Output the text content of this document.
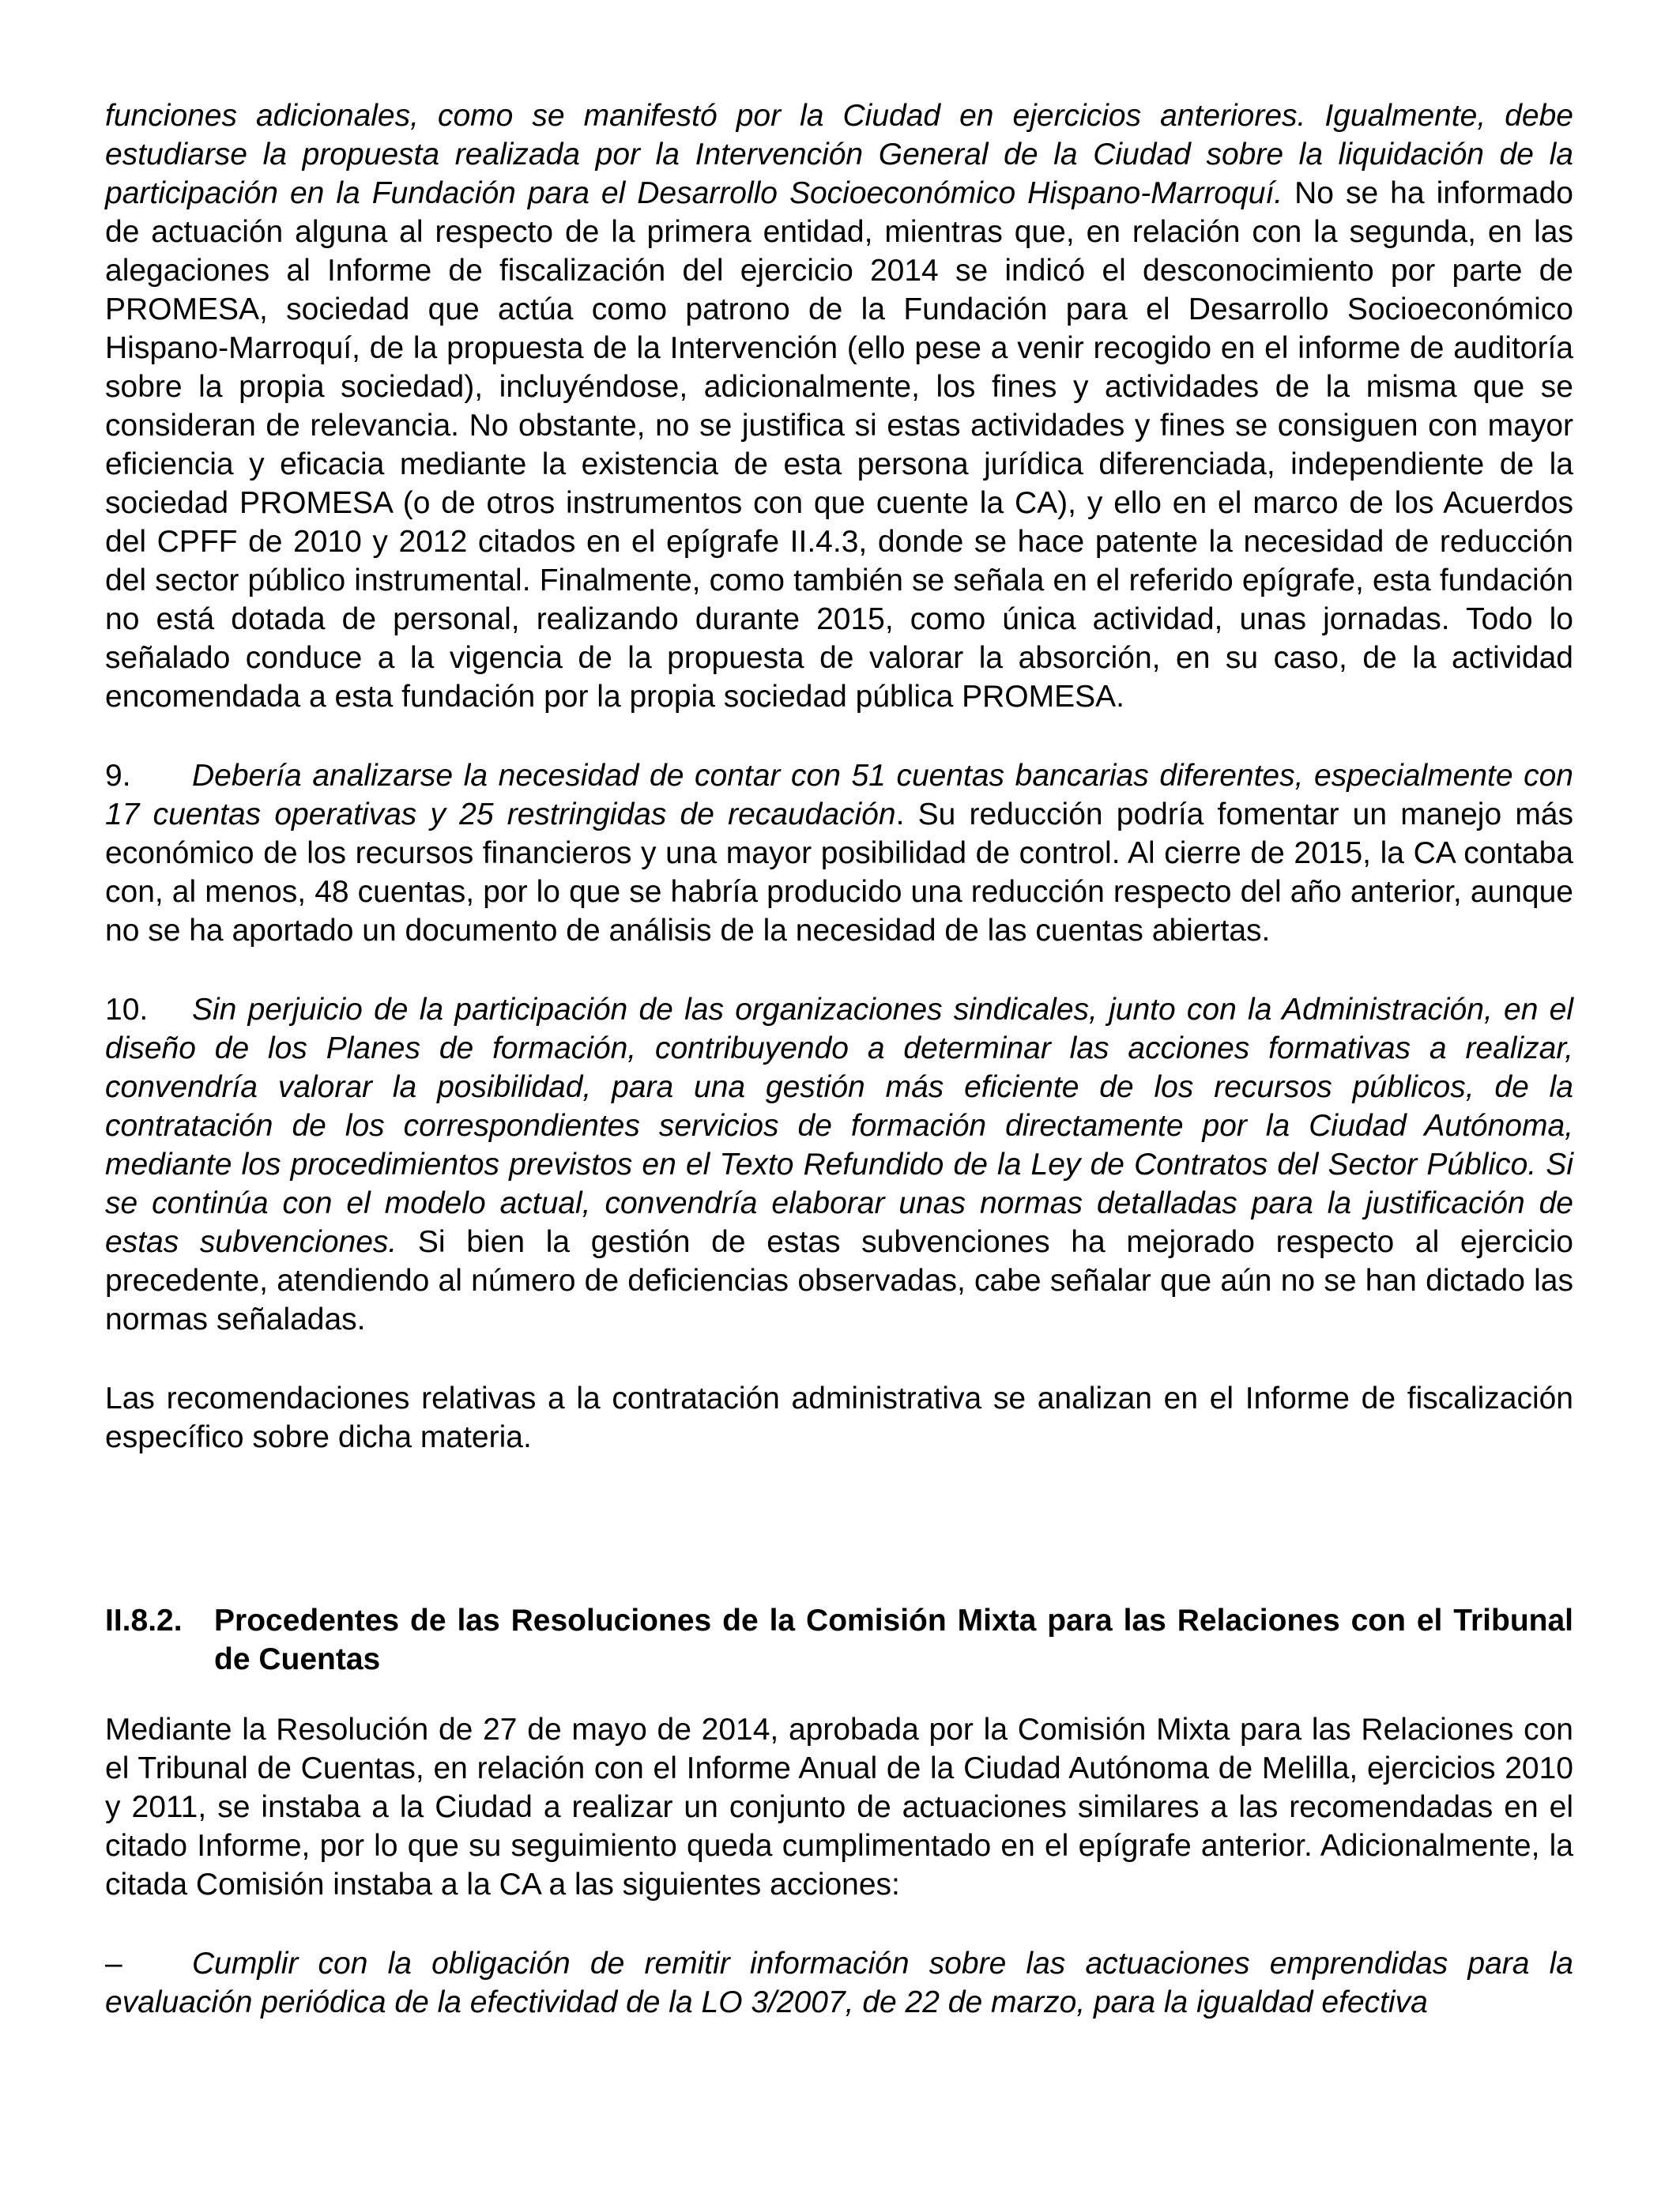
funciones adicionales, como se manifestó por la Ciudad en ejercicios anteriores. Igualmente, debe estudiarse la propuesta realizada por la Intervención General de la Ciudad sobre la liquidación de la participación en la Fundación para el Desarrollo Socioeconómico Hispano-Marroquí. No se ha informado de actuación alguna al respecto de la primera entidad, mientras que, en relación con la segunda, en las alegaciones al Informe de fiscalización del ejercicio 2014 se indicó el desconocimiento por parte de PROMESA, sociedad que actúa como patrono de la Fundación para el Desarrollo Socioeconómico Hispano-Marroquí, de la propuesta de la Intervención (ello pese a venir recogido en el informe de auditoría sobre la propia sociedad), incluyéndose, adicionalmente, los fines y actividades de la misma que se consideran de relevancia. No obstante, no se justifica si estas actividades y fines se consiguen con mayor eficiencia y eficacia mediante la existencia de esta persona jurídica diferenciada, independiente de la sociedad PROMESA (o de otros instrumentos con que cuente la CA), y ello en el marco de los Acuerdos del CPFF de 2010 y 2012 citados en el epígrafe II.4.3, donde se hace patente la necesidad de reducción del sector público instrumental. Finalmente, como también se señala en el referido epígrafe, esta fundación no está dotada de personal, realizando durante 2015, como única actividad, unas jornadas. Todo lo señalado conduce a la vigencia de la propuesta de valorar la absorción, en su caso, de la actividad encomendada a esta fundación por la propia sociedad pública PROMESA.

9. Debería analizarse la necesidad de contar con 51 cuentas bancarias diferentes, especialmente con 17 cuentas operativas y 25 restringidas de recaudación. Su reducción podría fomentar un manejo más económico de los recursos financieros y una mayor posibilidad de control. Al cierre de 2015, la CA contaba con, al menos, 48 cuentas, por lo que se habría producido una reducción respecto del año anterior, aunque no se ha aportado un documento de análisis de la necesidad de las cuentas abiertas.

10. Sin perjuicio de la participación de las organizaciones sindicales, junto con la Administración, en el diseño de los Planes de formación, contribuyendo a determinar las acciones formativas a realizar, convendría valorar la posibilidad, para una gestión más eficiente de los recursos públicos, de la contratación de los correspondientes servicios de formación directamente por la Ciudad Autónoma, mediante los procedimientos previstos en el Texto Refundido de la Ley de Contratos del Sector Público. Si se continúa con el modelo actual, convendría elaborar unas normas detalladas para la justificación de estas subvenciones. Si bien la gestión de estas subvenciones ha mejorado respecto al ejercicio precedente, atendiendo al número de deficiencias observadas, cabe señalar que aún no se han dictado las normas señaladas.

Las recomendaciones relativas a la contratación administrativa se analizan en el Informe de fiscalización específico sobre dicha materia.

II.8.2.	Procedentes de las Resoluciones de la Comisión Mixta para las Relaciones con el Tribunal de Cuentas

Mediante la Resolución de 27 de mayo de 2014, aprobada por la Comisión Mixta para las Relaciones con el Tribunal de Cuentas, en relación con el Informe Anual de la Ciudad Autónoma de Melilla, ejercicios 2010 y 2011, se instaba a la Ciudad a realizar un conjunto de actuaciones similares a las recomendadas en el citado Informe, por lo que su seguimiento queda cumplimentado en el epígrafe anterior. Adicionalmente, la citada Comisión instaba a la CA a las siguientes acciones:

– Cumplir con la obligación de remitir información sobre las actuaciones emprendidas para la evaluación periódica de la efectividad de la LO 3/2007, de 22 de marzo, para la igualdad efectiva
